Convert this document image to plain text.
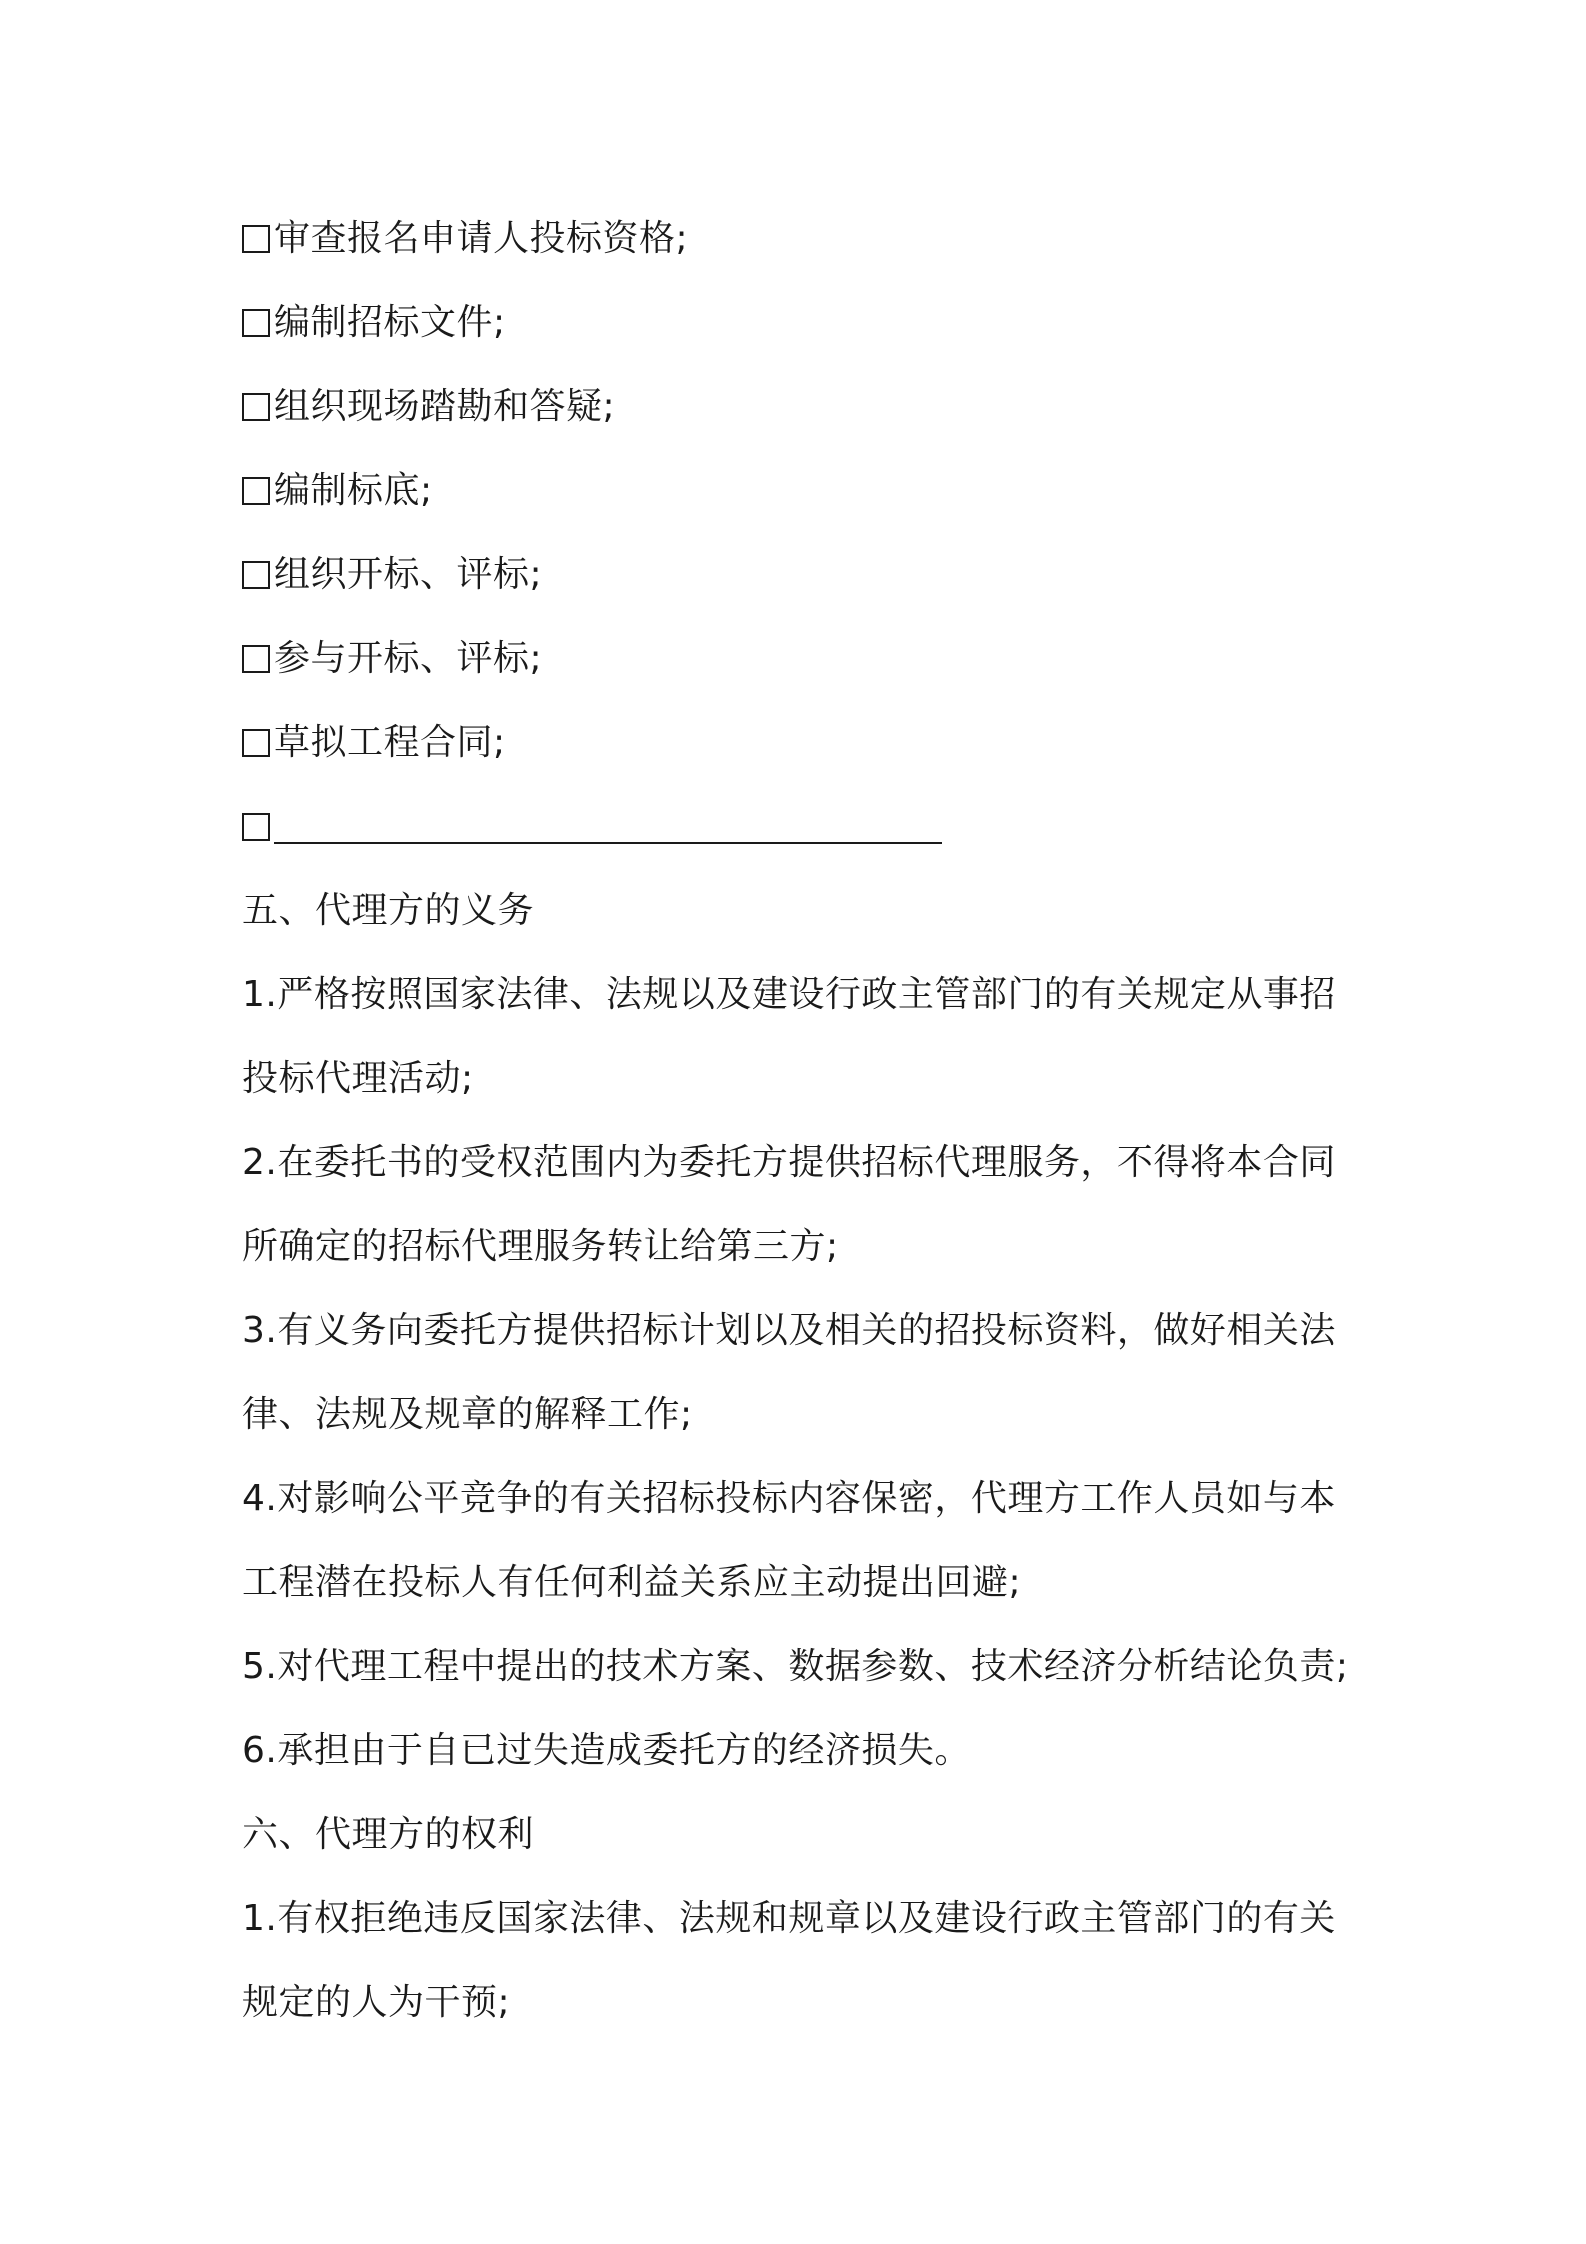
审查报名申请人投标资格;
编制招标文件;
组织现场踏勘和答疑;
编制标底;
组织开标、评标;
参与开标、评标;
草拟工程合同;
五、代理方的义务
1.严格按照国家法律、法规以及建设行政主管部门的有关规定从事招
投标代理活动;
2.在委托书的受权范围内为委托方提供招标代理服务，不得将本合同
所确定的招标代理服务转让给第三方;
3.有义务向委托方提供招标计划以及相关的招投标资料，做好相关法
律、法规及规章的解释工作;
4.对影响公平竞争的有关招标投标内容保密，代理方工作人员如与本
工程潜在投标人有任何利益关系应主动提出回避;
5.对代理工程中提出的技术方案、数据参数、技术经济分析结论负责;
6.承担由于自已过失造成委托方的经济损失。
六、代理方的权利
1.有权拒绝违反国家法律、法规和规章以及建设行政主管部门的有关
规定的人为干预;
